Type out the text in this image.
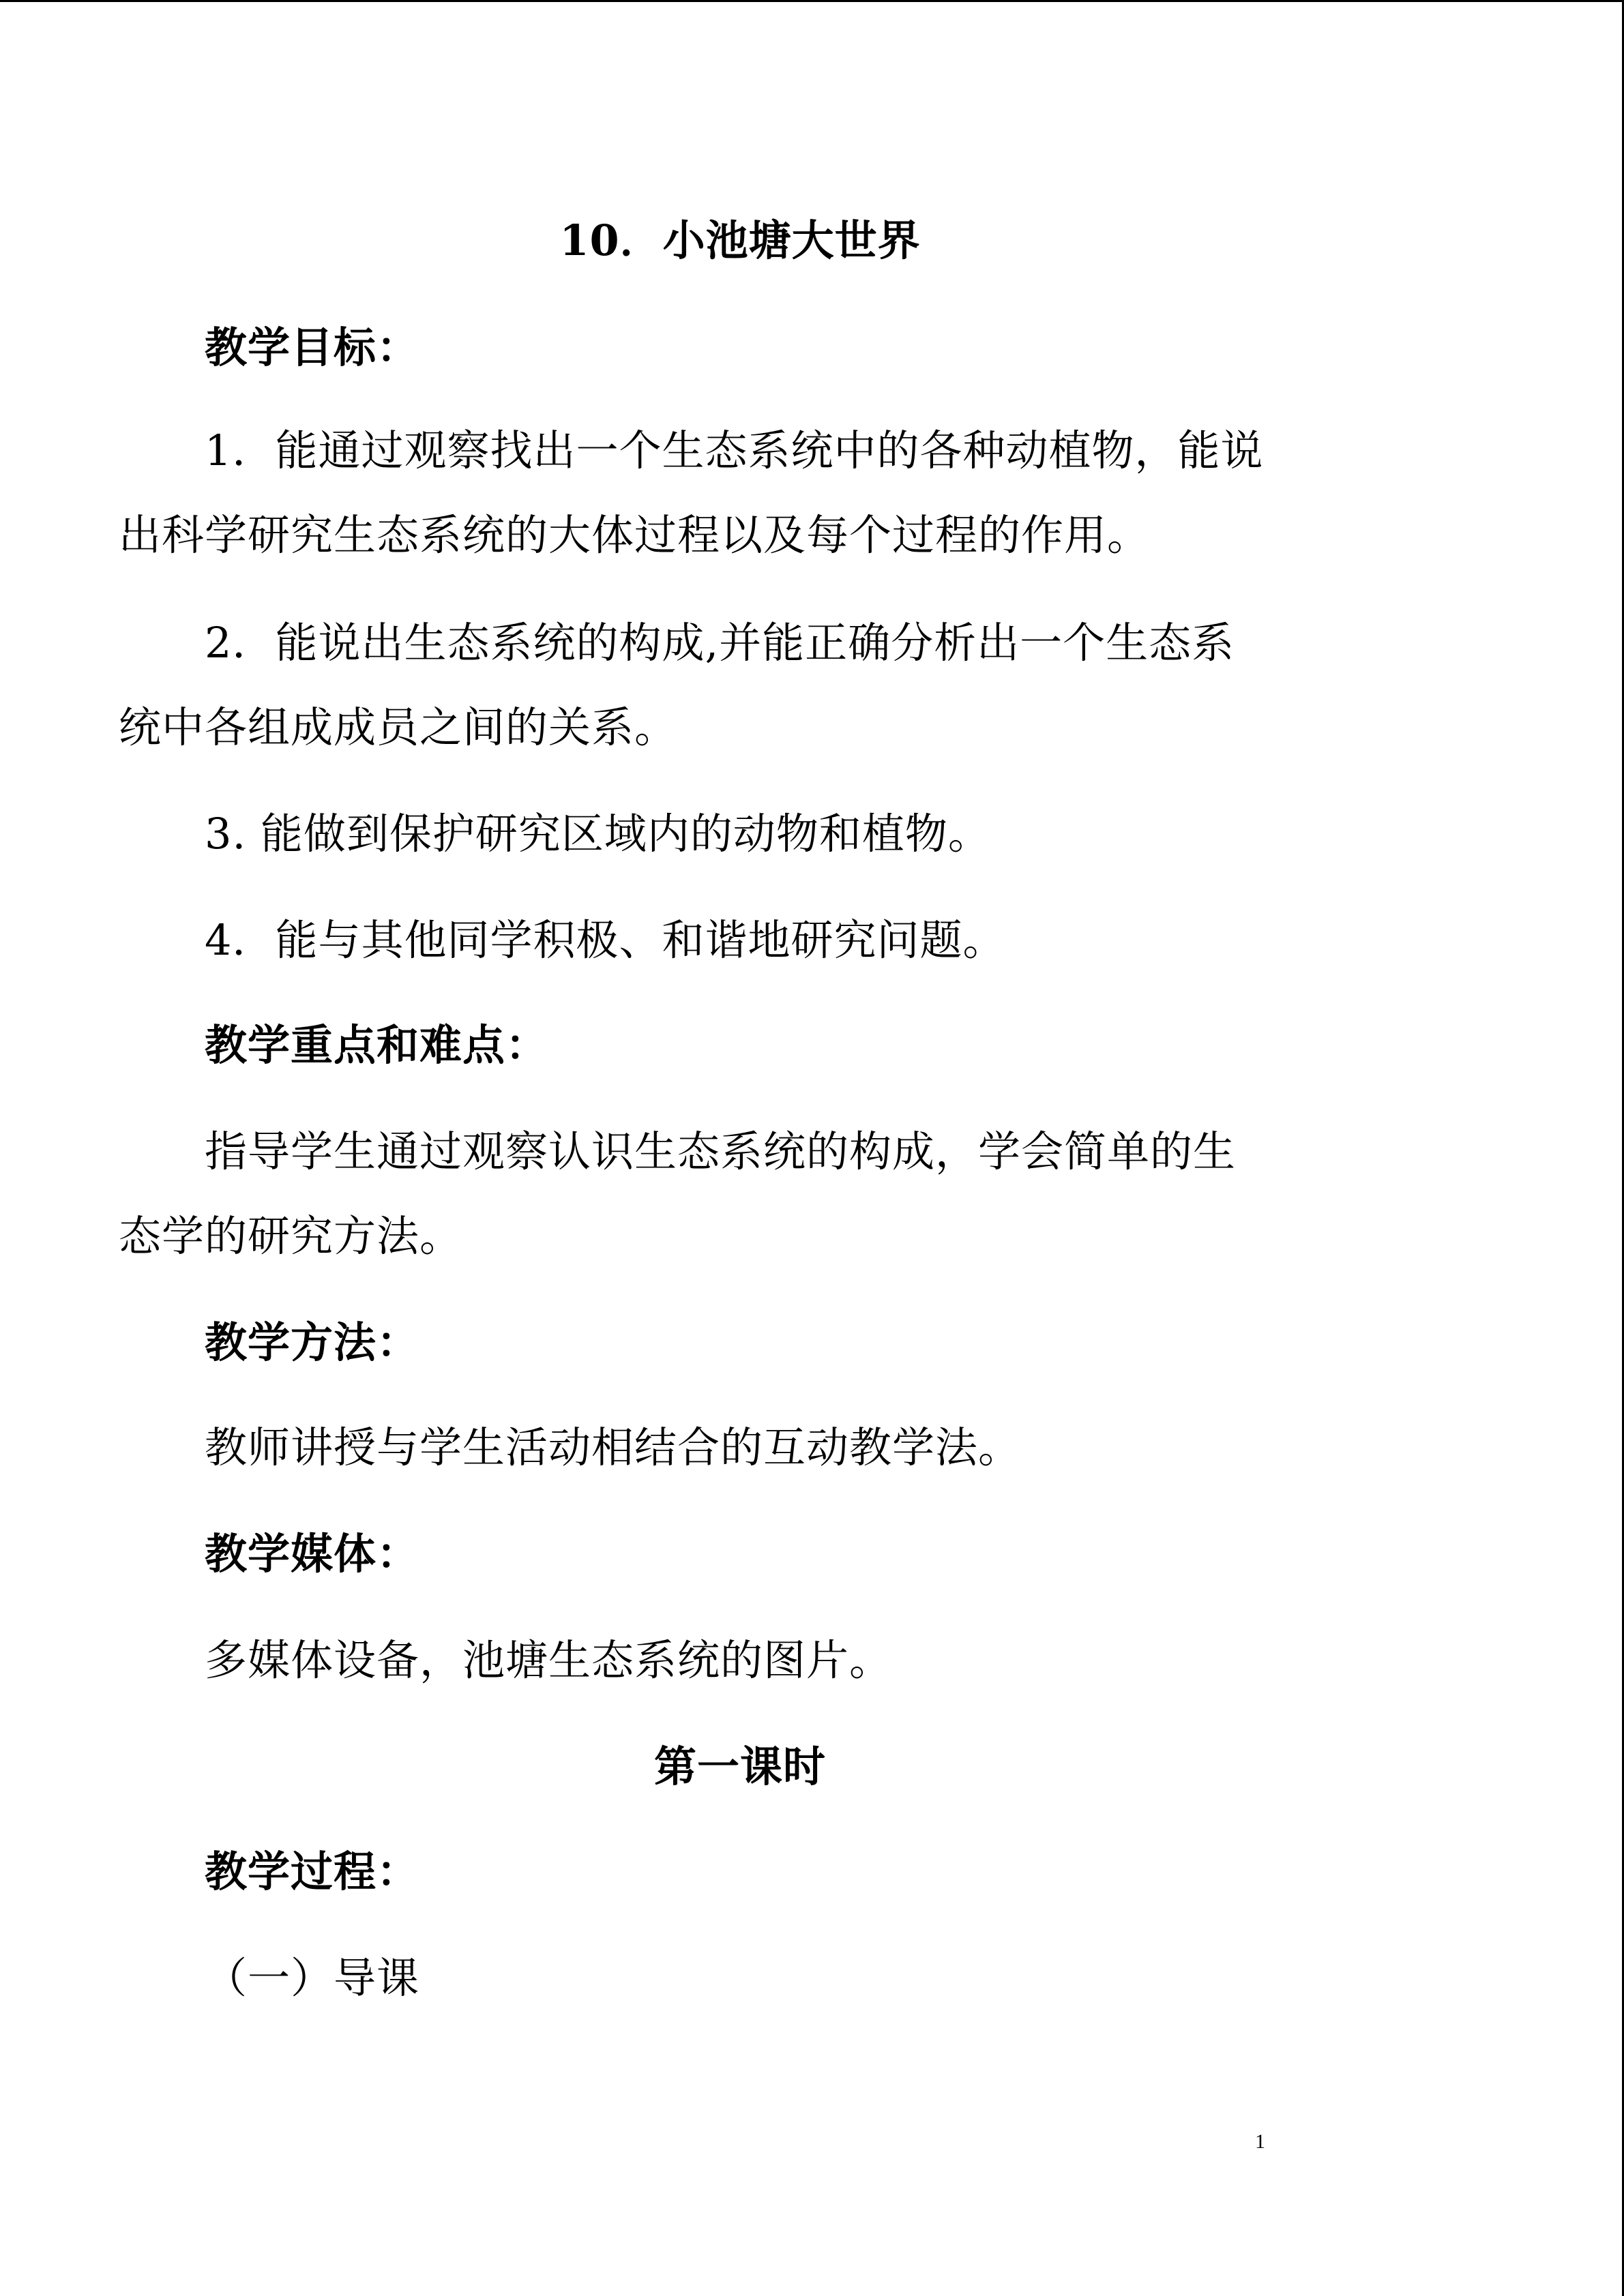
10．小池塘大世界
教学目标：
1．能通过观察找出一个生态系统中的各种动植物，能说
出科学研究生态系统的大体过程以及每个过程的作用。
2．能说出生态系统的构成,并能正确分析出一个生态系
统中各组成成员之间的关系。
3. 能做到保护研究区域内的动物和植物。
4．能与其他同学积极、和谐地研究问题。
教学重点和难点：
指导学生通过观察认识生态系统的构成，学会简单的生
态学的研究方法。
教学方法：
教师讲授与学生活动相结合的互动教学法。
教学媒体：
多媒体设备，池塘生态系统的图片。
第一课时
教学过程：
（一）导课
1
